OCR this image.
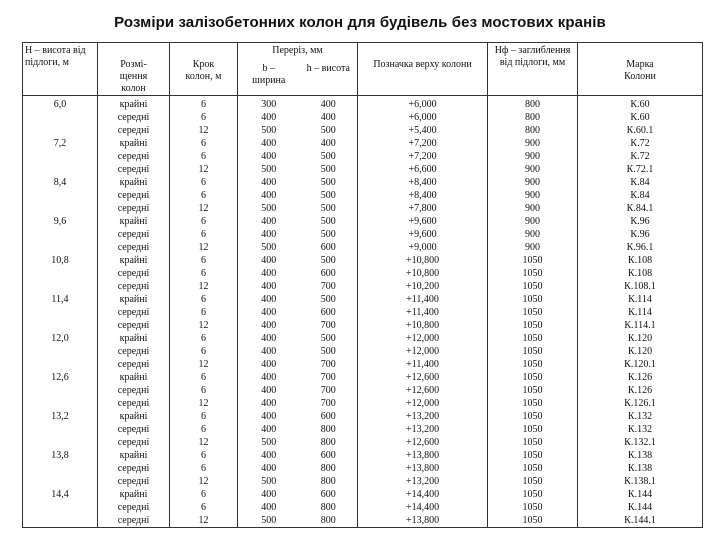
Розміри залізобетонних колон для будівель без мостових кранів
Н – висота від підлоги, м	Розмі-щення колон	Крок колон, м	Переріз, мм		Позначка верху колони	Нф – заглиблення від підлоги, мм	Марка Колони
			b – ширина	h – висота			
6,0	крайні	6	300	400	+6,000	800	К.60
	середні	6	400	400	+6,000	800	К.60
	середні	12	500	500	+5,400	800	К.60.1
7,2	крайні	6	400	400	+7,200	900	К.72
	середні	6	400	500	+7,200	900	К.72
	середні	12	500	500	+6,600	900	К.72.1
8,4	крайні	6	400	500	+8,400	900	К.84
	середні	6	400	500	+8,400	900	К.84
	середні	12	500	500	+7,800	900	К.84.1
9,6	крайні	6	400	500	+9,600	900	К.96
	середні	6	400	500	+9,600	900	К.96
	середні	12	500	600	+9,000	900	К.96.1
10,8	крайні	6	400	500	+10,800	1050	К.108
	середні	6	400	600	+10,800	1050	К.108
	середні	12	400	700	+10,200	1050	К.108.1
11,4	крайні	6	400	500	+11,400	1050	К.114
	середні	6	400	600	+11,400	1050	К.114
	середні	12	400	700	+10,800	1050	К.114.1
12,0	крайні	6	400	500	+12,000	1050	К.120
	середні	6	400	500	+12,000	1050	К.120
	середні	12	400	700	+11,400	1050	К.120.1
12,6	крайні	6	400	700	+12,600	1050	К.126
	середні	6	400	700	+12,600	1050	К.126
	середні	12	400	700	+12,000	1050	К.126.1
13,2	крайні	6	400	600	+13,200	1050	К.132
	середні	6	400	800	+13,200	1050	К.132
	середні	12	500	800	+12,600	1050	К.132.1
13,8	крайні	6	400	600	+13,800	1050	К.138
	середні	6	400	800	+13,800	1050	К.138
	середні	12	500	800	+13,200	1050	К.138.1
14,4	крайні	6	400	600	+14,400	1050	К.144
	середні	6	400	800	+14,400	1050	К.144
	середні	12	500	800	+13,800	1050	К.144.1
